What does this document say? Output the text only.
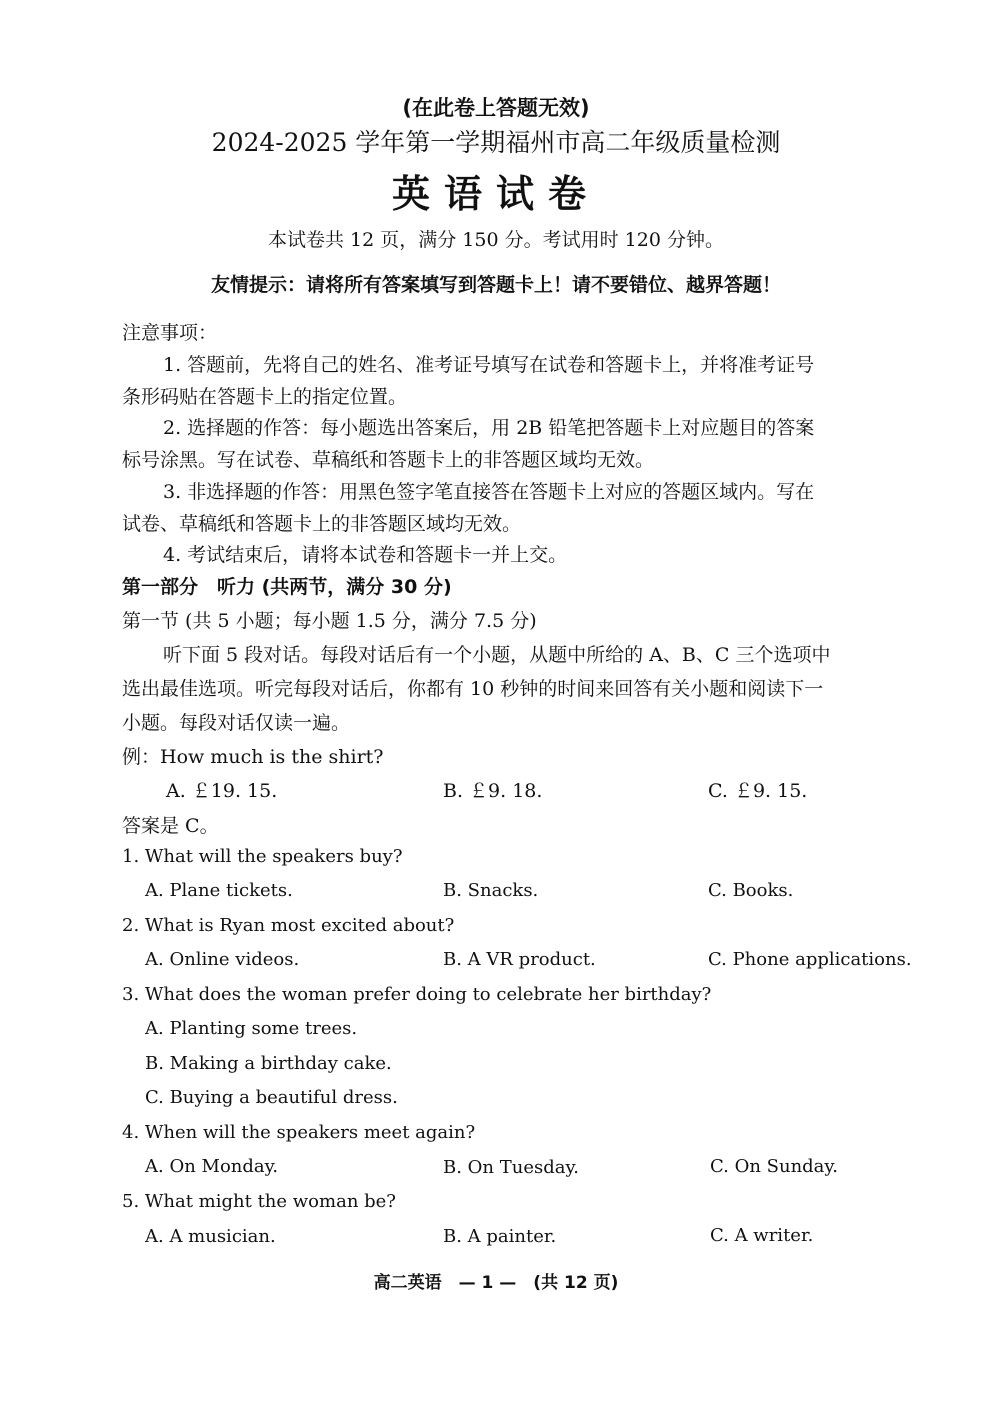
(在此卷上答题无效)
2024-2025 学年第一学期福州市高二年级质量检测
英语试卷
本试卷共 12 页，满分 150 分。考试用时 120 分钟。
友情提示：请将所有答案填写到答题卡上！请不要错位、越界答题！
注意事项：
1. 答题前，先将自己的姓名、准考证号填写在试卷和答题卡上，并将准考证号
条形码贴在答题卡上的指定位置。
2. 选择题的作答：每小题选出答案后，用 2B 铅笔把答题卡上对应题目的答案
标号涂黑。写在试卷、草稿纸和答题卡上的非答题区域均无效。
3. 非选择题的作答：用黑色签字笔直接答在答题卡上对应的答题区域内。写在
试卷、草稿纸和答题卡上的非答题区域均无效。
4. 考试结束后，请将本试卷和答题卡一并上交。
第一部分　听力 (共两节，满分 30 分)
第一节 (共 5 小题；每小题 1.5 分，满分 7.5 分)
听下面 5 段对话。每段对话后有一个小题，从题中所给的 A、B、C 三个选项中
选出最佳选项。听完每段对话后，你都有 10 秒钟的时间来回答有关小题和阅读下一
小题。每段对话仅读一遍。
例：How much is the shirt?
A. ￡19. 15.	B. ￡9. 18.	C. ￡9. 15.
答案是 C。
1. What will the speakers buy?
A. Plane tickets.	B. Snacks.	C. Books.
2. What is Ryan most excited about?
A. Online videos.	B. A VR product.	C. Phone applications.
3. What does the woman prefer doing to celebrate her birthday?
A. Planting some trees.
B. Making a birthday cake.
C. Buying a beautiful dress.
4. When will the speakers meet again?
A. On Monday.	B. On Tuesday.	C. On Sunday.
5. What might the woman be?
A. A musician.	B. A painter.	C. A writer.
高二英语　— 1 —　(共 12 页)
